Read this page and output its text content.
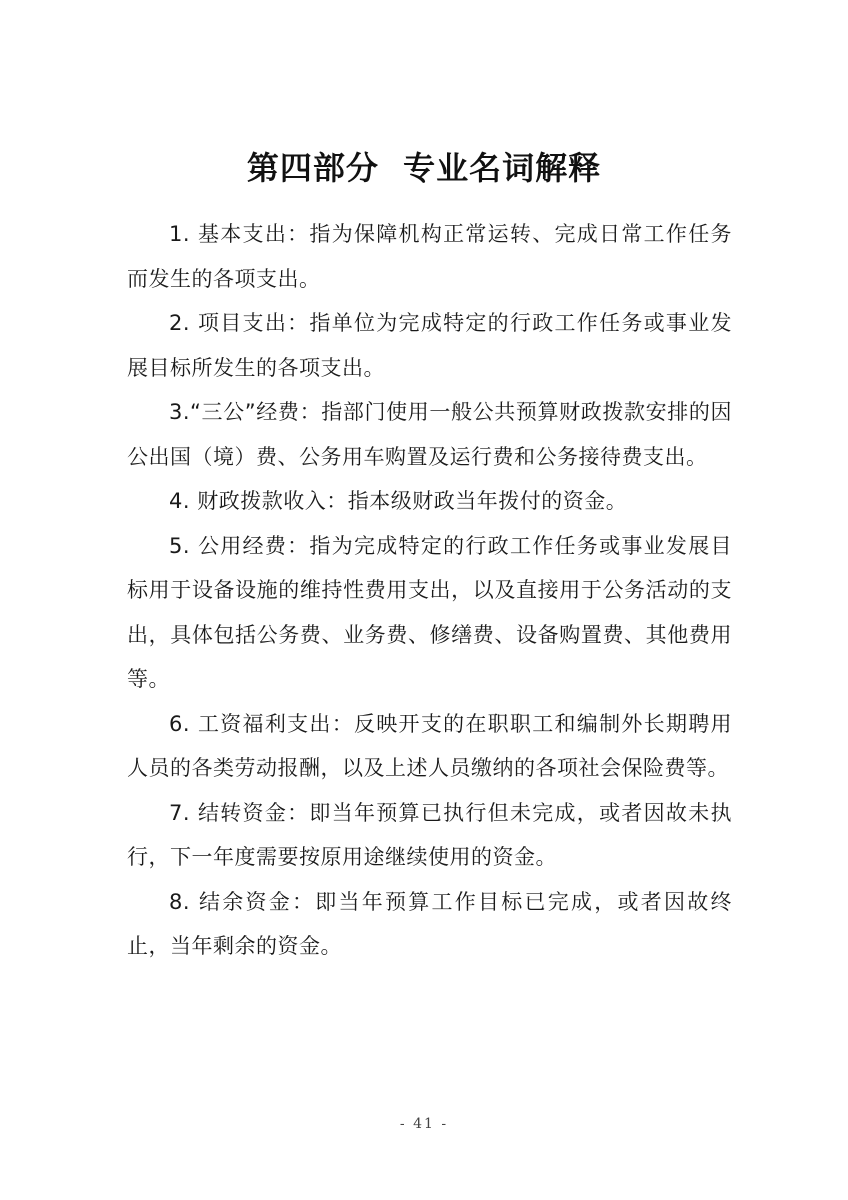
第四部分  专业名词解释

1. 基本支出：指为保障机构正常运转、完成日常工作任务而发生的各项支出。

2. 项目支出：指单位为完成特定的行政工作任务或事业发展目标所发生的各项支出。

3.“三公”经费：指部门使用一般公共预算财政拨款安排的因公出国（境）费、公务用车购置及运行费和公务接待费支出。

4. 财政拨款收入：指本级财政当年拨付的资金。

5. 公用经费：指为完成特定的行政工作任务或事业发展目标用于设备设施的维持性费用支出，以及直接用于公务活动的支出，具体包括公务费、业务费、修缮费、设备购置费、其他费用等。

6. 工资福利支出：反映开支的在职职工和编制外长期聘用人员的各类劳动报酬，以及上述人员缴纳的各项社会保险费等。

7. 结转资金：即当年预算已执行但未完成，或者因故未执行，下一年度需要按原用途继续使用的资金。

8. 结余资金：即当年预算工作目标已完成，或者因故终止，当年剩余的资金。

- 41 -
